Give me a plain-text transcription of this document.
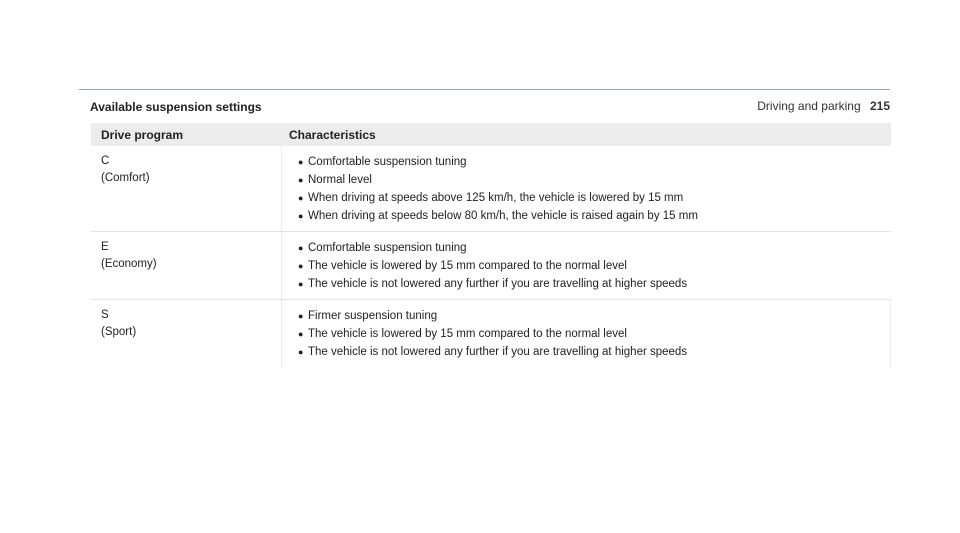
Driving and parking 215
Available suspension settings
Drive program	Characteristics
C
(Comfort)
● Comfortable suspension tuning
● Normal level
● When driving at speeds above 125 km/h, the vehicle is lowered by 15 mm
● When driving at speeds below 80 km/h, the vehicle is raised again by 15 mm
E
(Economy)
● Comfortable suspension tuning
● The vehicle is lowered by 15 mm compared to the normal level
● The vehicle is not lowered any further if you are travelling at higher speeds
S
(Sport)
● Firmer suspension tuning
● The vehicle is lowered by 15 mm compared to the normal level
● The vehicle is not lowered any further if you are travelling at higher speeds
